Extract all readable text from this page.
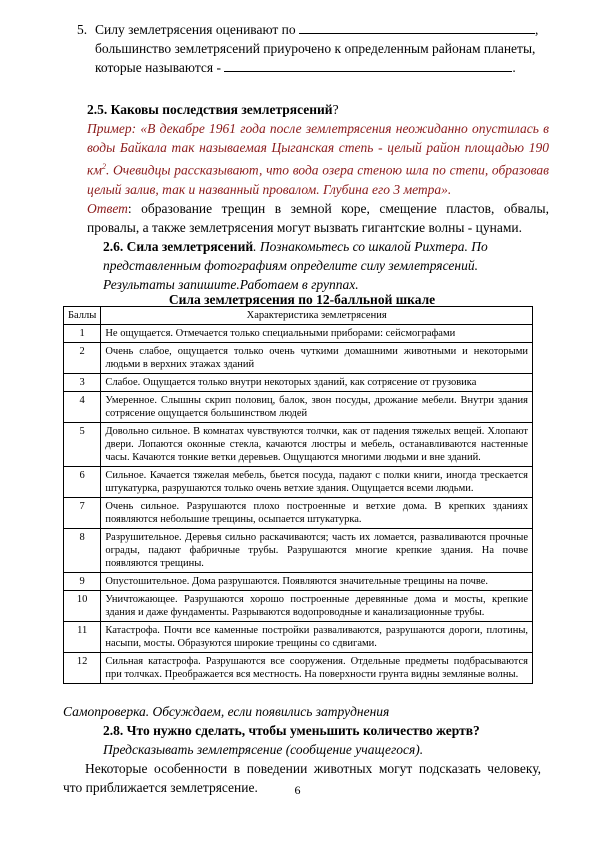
5. Силу землетрясения оценивают по	,
большинство землетрясений приурочено к определенным районам планеты,
которые называются -	.
2.5. Каковы последствия землетрясений?
Пример: «В декабре 1961 года после землетрясения неожиданно опустилась в воды Байкала так называемая Цыганская степь - целый район площадью 190 $км^2$. Очевидцы рассказывают, что вода озера стеною шла по степи, образовав целый залив, так и названный провалом. Глубина его 3 метра».
Ответ: образование трещин в земной коре, смещение пластов, обвалы, провалы, а также землетрясения могут вызвать гигантские волны - цунами.
2.6. Сила землетрясений. Познакомьтесь со шкалой Рихтера. По представленным фотографиям определите силу землетрясений. Результаты запишите.Работаем в группах.
Сила землетрясения по 12-балльной шкале
Баллы	Характеристика землетрясения
1	Не ощущается. Отмечается только специальными приборами: сейсмографами
2	Очень слабое, ощущается только очень чуткими домашними животными и некоторыми людьми в верхних этажах зданий
3	Слабое. Ощущается только внутри некоторых зданий, как сотрясение от грузовика
4	Умеренное. Слышны скрип половиц, балок, звон посуды, дрожание мебели. Внутри здания сотрясение ощущается большинством людей
5	Довольно сильное. В комнатах чувствуются толчки, как от падения тяжелых вещей. Хлопают двери. Лопаются оконные стекла, качаются люстры и мебель, останавливаются настенные часы. Качаются тонкие ветки деревьев. Ощущаются многими людьми и вне зданий.
6	Сильное. Качается тяжелая мебель, бьется посуда, падают с полки книги, иногда трескается штукатурка, разрушаются только очень ветхие здания. Ощущается всеми людьми.
7	Очень сильное. Разрушаются плохо построенные и ветхие дома. В крепких зданиях появляются небольшие трещины, осыпается штукатурка.
8	Разрушительное. Деревья сильно раскачиваются; часть их ломается, разваливаются прочные ограды, падают фабричные трубы. Разрушаются многие крепкие здания. На почве появляются трещины.
9	Опустошительное. Дома разрушаются. Появляются значительные трещины на почве.
10	Уничтожающее. Разрушаются хорошо построенные деревянные дома и мосты, крепкие здания и даже фундаменты. Разрываются водопроводные и канализационные трубы.
11	Катастрофа. Почти все каменные постройки разваливаются, разрушаются дороги, плотины, насыпи, мосты. Образуются широкие трещины со сдвигами.
12	Сильная катастрофа. Разрушаются все сооружения. Отдельные предметы подбрасываются при толчках. Преображается вся местность. На поверхности грунта видны земляные волны.
Самопроверка. Обсуждаем, если появились затруднения
2.8. Что нужно сделать, чтобы уменьшить количество жертв?
Предсказывать землетрясение (сообщение учащегося).
Некоторые особенности в поведении животных могут подсказать человеку, что приближается землетрясение.	6
